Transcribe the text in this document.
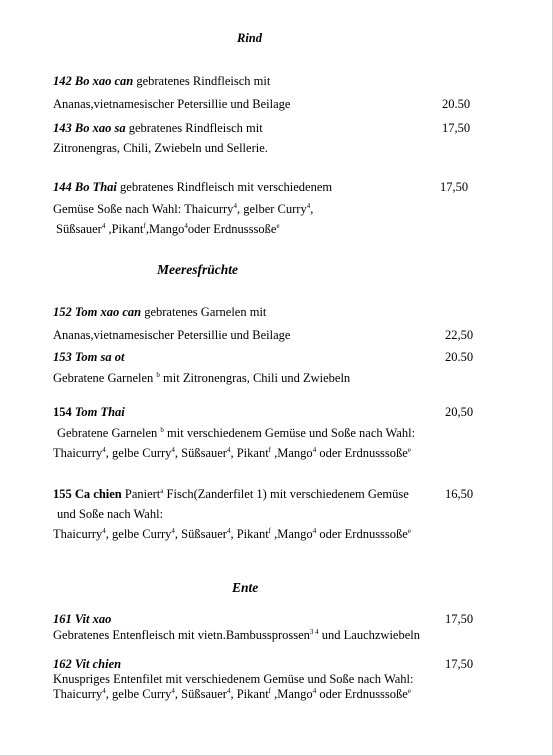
Rind
142 Bo xao can gebratenes Rindfleisch mit
Ananas,vietnamesischer Petersillie und Beilage	20.50
143 Bo xao sa gebratenes Rindfleisch mit	17,50
Zitronengras, Chili, Zwiebeln und Sellerie.
144 Bo Thai gebratenes Rindfleisch mit verschiedenem	17,50
Gemüse Soße nach Wahl: Thaicurry$^4$, gelber Curry$^4$,
Süßsauer$^4$ ,Pikant$^f$,Mango$^4$oder Erdnusssoße$^e$
Meeresfrüchte
152 Tom xao can gebratenes Garnelen mit
Ananas,vietnamesischer Petersillie und Beilage	22,50
153 Tom sa ot	20.50
Gebratene Garnelen $^b$ mit Zitronengras, Chili und Zwiebeln
154 Tom Thai	20,50
Gebratene Garnelen $^b$ mit verschiedenem Gemüse und Soße nach Wahl:
Thaicurry$^4$, gelbe Curry$^4$, Süßsauer$^4$, Pikant$^f$ ,Mango$^4$ oder Erdnusssoße$^e$
155 Ca chien Paniert$^a$ Fisch(Zanderfilet 1) mit verschiedenem Gemüse	16,50
und Soße nach Wahl:
Thaicurry$^4$, gelbe Curry$^4$, Süßsauer$^4$, Pikant$^f$ ,Mango$^4$ oder Erdnusssoße$^e$
Ente
161 Vit xao	17,50
Gebratenes Entenfleisch mit vietn.Bambussprossen$^{3 4}$ und Lauchzwiebeln
162 Vit chien	17,50
Knuspriges Entenfilet mit verschiedenem Gemüse und Soße nach Wahl:
Thaicurry$^4$, gelbe Curry$^4$, Süßsauer$^4$, Pikant$^f$ ,Mango$^4$ oder Erdnusssoße$^e$
